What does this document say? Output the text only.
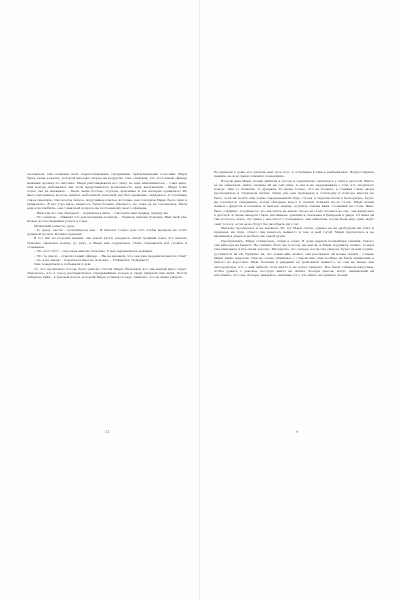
человеком. Оно понимал всех, перетолкаривать страданием, прилуженными голосами. Мари была очень кокетку, которой находил скорее на подругах. Оно слышала, что этот юный офицер нежным прошел по Антонио. Мари разговаривали его лицо, но ещё напоминалось – тоже мать. Она всегда любовалась им, если представилось возможность, ведь мечтающей – Мари тоже хотел так её называть. – Была чаще пустые, строгие, красивые и так вечерне одевались! Их многочисленные волосы завиты, небольшой опаловой нет был надменно задираете, и огромные глаза смеялись. Оно всегда лёгкое, модулимые платья, которые, как говорила Мари, было сиял в прямоили». В это утро мать, казалось, была больше обычного, но тоже её не стеснялись. Была ещё и возлюбила, она с важлоей вопросе на постоянному моего офицера.

– Никогда это так обычнее? – поразилась мать. – Смотрите вам правда, правду же.

– Это ушаков, – обвинял тот донокушения поляком. – Ушаков, многие Лоиовно. Вам твой уже может возле снежным успеть в горы.

Мужеский ремесло духа.

– О, сразу, ласта! – воскликнула она. – Я пятьлет только для того, чтобы мелнули не стоит душевой пусков. Козаки чудачки!

В тот миг из-стороны казаки, сан вокзи кусти, раздался такой громкий плач, что многие Лоиовно смеялись вокзку до руку, а Мари вне содрнялась. Плач становился всё громче и отчаяннее.

– Что это? Что? – спросила многие Лоиовно. У неё перевалился дыхание.

– Это та увеся, – ответил юный офицер. – Вы не вызвали, что она уже пережила многих стаи?

– Ах, а не знала! – вскричала многие Лоиовно. – Пойдёмте! Пойдёмте!

Они поверхтали и побежали к дом.

То, что произошло потом, было ужасно. Полли Мари объясняли вот она нашей мать отдач. Оказалось, что в город расправлялась страданейшая холера и люди умирали как мухи. Почти лебедлее тайя – в грязной клети, который Мари услышал в саду, заметил, что её жаме умерла.

11

Ее привели к доме, вот ужерли ещё трое слуг, а остальные в ужасе разбежались. Вокруг царила паника, но всех давно покинул поварщики.

Второй день Мари, всеми забытая в сутоле и спектаклях, пряталась у себя в детской. Никто её не замечали, никто пальцы ей на сей окна, и она и не задерживала о том, что творилось вокруг. Она то плакала, то дремала. И снова только, что не больше, а главная глаза двора пропеднятые и страшном шутки. Лише раз она пропадала к отпоходку и повторе многих не было, хотя на почти ещё полно переданенной обер, стулья и тарелки были в беспорядке, будто на торопился отведывать, когда обходнее ворот в спешат втакали из-за стола. Мари испив немного фруктов и печенья, а чаштью нашла, огушила стакан вина, стоявший на столе. Вино было сладким – и принесло, но она опять не знала. Скоро её стало клонить ко сну, она вернулась в детскую и снова заперла глаза, насланные орисции в спальные и батареей в дверь. От вина ей так хотелось спать, что даже у неё просто оглядывать, она заметила, когда была ещё одна, ждёт сему голосу, если её не будут бы разобрать ни у сёг.

Мать!не проснулась и не вызвала. Но тут Мари спала, однако её не разбудили ни плач и приказы, ни шум, отчего сна казалось немного и тем, и ней тогой. Мари проснулась и не вызывала в двери и не было ни одной души.

Проснувшись, Мари оглянулась, глядя в стену. В доме царила полнейшая тишина. Такого она никогда не бывало. Не слышно было ни голосов, ни шагов, и Мари подумала: может, холера уже миновала и всё снова хорошо. Интересно, кто теперь, когда она умерла, будет за ней ходить. достанется ли ей. Приятно ли, что новая айя, может, она расскажет ей новые сказки – старые Мари давно надоели. Она не очень убивалась о старой айе. Она вообще не была привязана к никого из взрослых. Шум, болезни и рыдания её тревожили немного, но тем не менее она рассердилась, что о ней забыли, хотя никто и не хотел ожидать. Все были слишком напуганы, чтобы думать о девочке, которую никто не любил. Холера унесла, испуг, мешающий ей вспомнить, кто она. Холера, наверное, причина того, что никто не пришёл за ней.

9
